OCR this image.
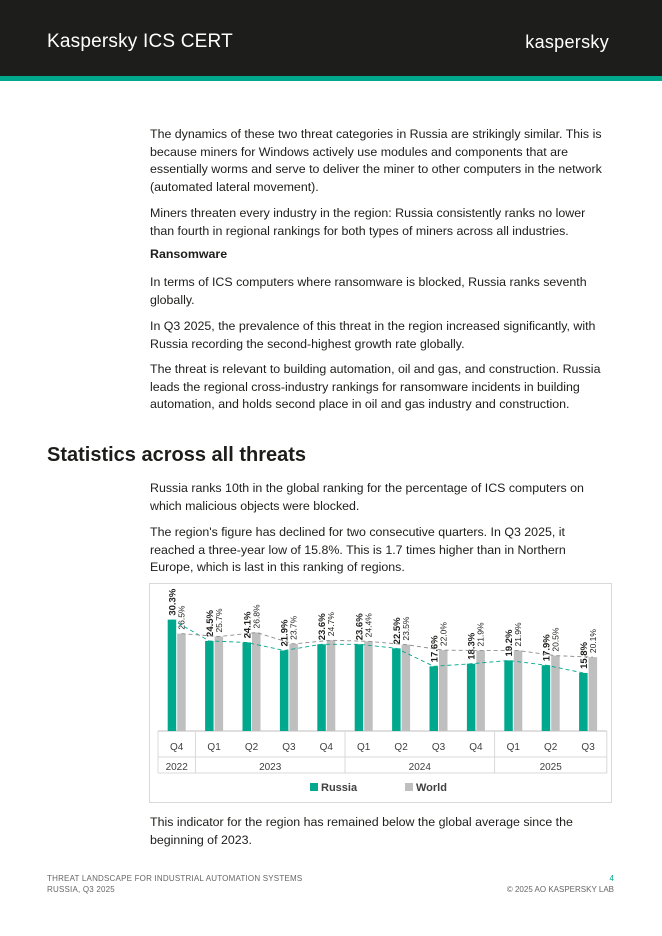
Kaspersky ICS CERT	kaspersky

The dynamics of these two threat categories in Russia are strikingly similar. This is because miners for Windows actively use modules and components that are essentially worms and serve to deliver the miner to other computers in the network (automated lateral movement).

Miners threaten every industry in the region: Russia consistently ranks no lower than fourth in regional rankings for both types of miners across all industries.

Ransomware

In terms of ICS computers where ransomware is blocked, Russia ranks seventh globally.

In Q3 2025, the prevalence of this threat in the region increased significantly, with Russia recording the second-highest growth rate globally.

The threat is relevant to building automation, oil and gas, and construction. Russia leads the regional cross-industry rankings for ransomware incidents in building automation, and holds second place in oil and gas industry and construction.

Statistics across all threats

Russia ranks 10th in the global ranking for the percentage of ICS computers on which malicious objects were blocked.

The region's figure has declined for two consecutive quarters. In Q3 2025, it reached a three-year low of 15.8%. This is 1.7 times higher than in Northern Europe, which is last in this ranking of regions.

30.3%
26.5%
Q4
24.5%
25.7%
Q1
24.1%
26.8%
Q2
21.9%
23.7%
Q3
23.6%
24.7%
Q4
23.6%
24.4%
Q1
22.5%
23.5%
Q2
17.6%
22.0%
Q3
18.3%
21.9%
Q4
19.2%
21.9%
Q1
17.9%
20.5%
Q2
15.8%
20.1%
Q3
2022	2023	2024	2025
Russia	World

This indicator for the region has remained below the global average since the beginning of 2023.

THREAT LANDSCAPE FOR INDUSTRIAL AUTOMATION SYSTEMS
RUSSIA, Q3 2025
4
© 2025 AO KASPERSKY LAB
